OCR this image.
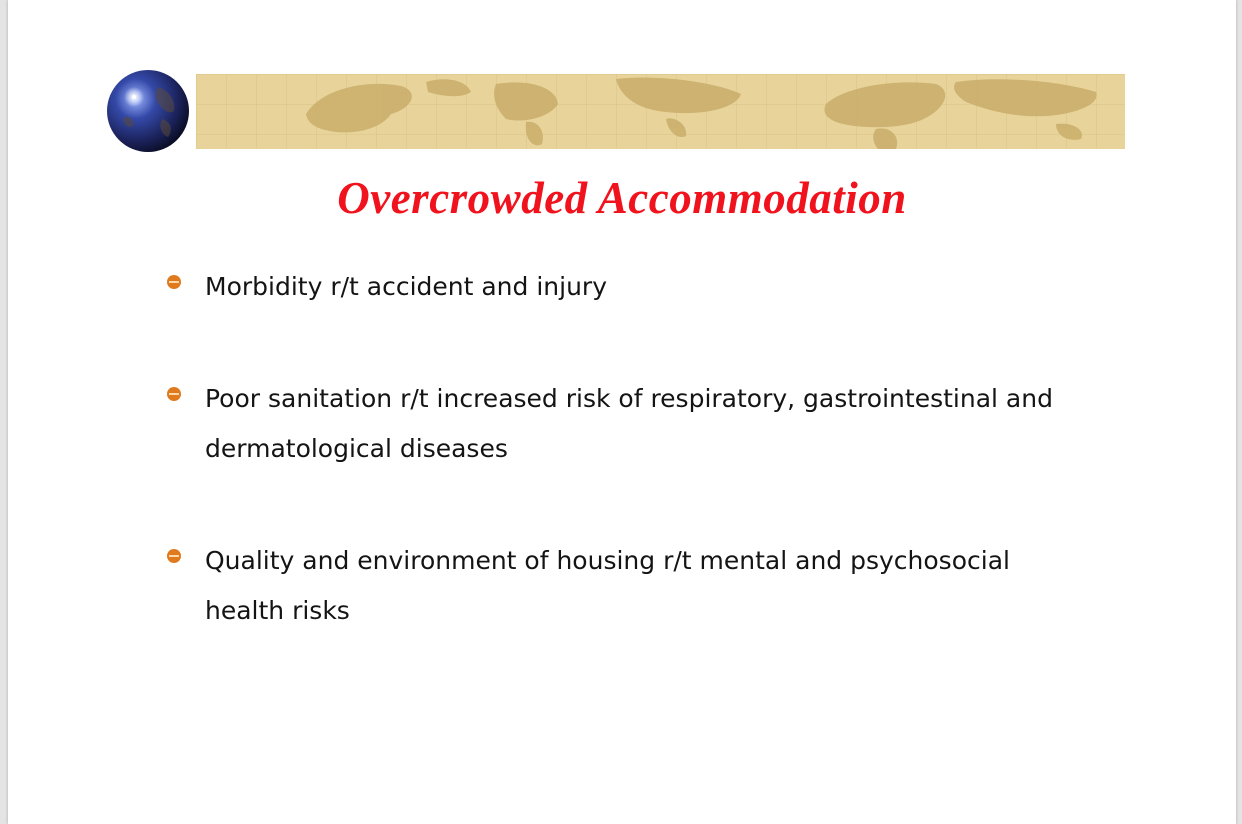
Overcrowded Accommodation

Morbidity r/t accident and injury

Poor sanitation r/t increased risk of respiratory, gastrointestinal and dermatological diseases

Quality and environment of housing r/t mental and psychosocial health risks
